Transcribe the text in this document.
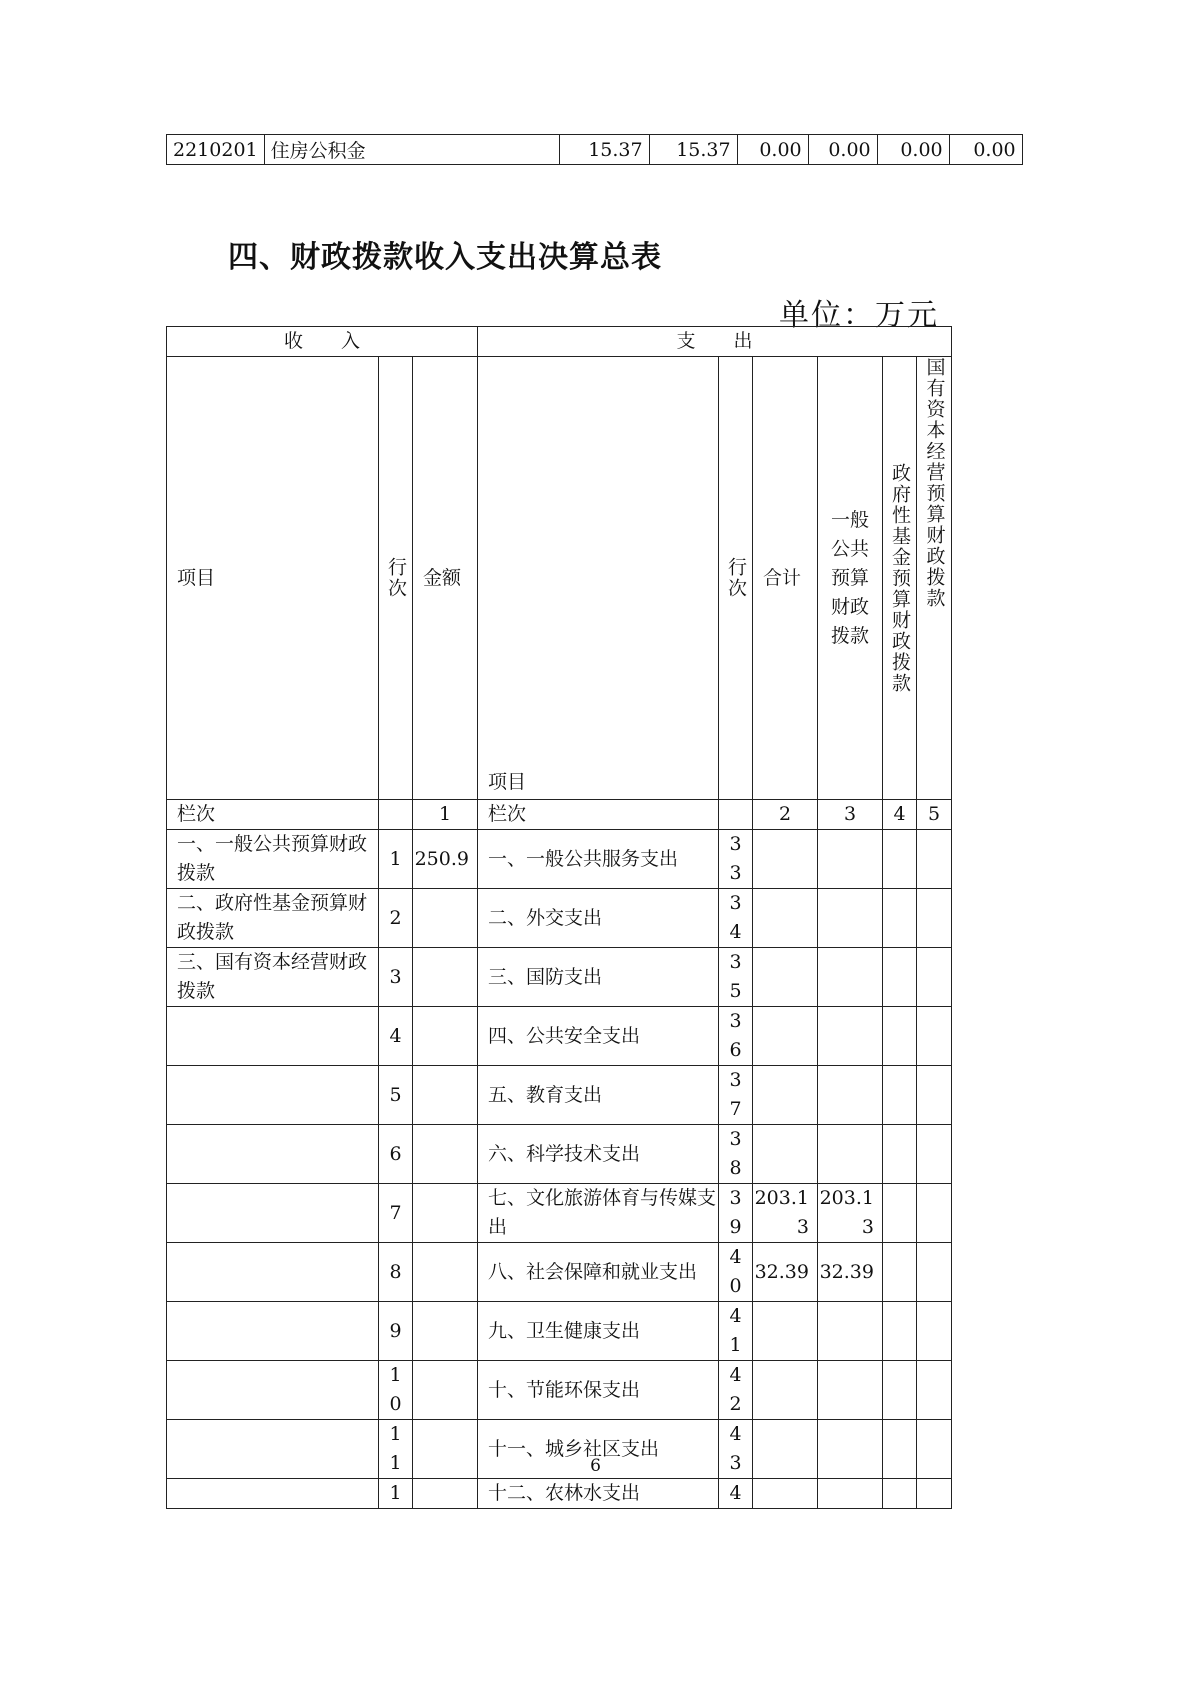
2210201	住房公积金	15.37	15.37	0.00	0.00	0.00	0.00
四、财政拨款收入支出决算总表
单位：万元
收　　入			支　　出					
项目	行次	金额	项目	行次	合计	一般公共预算财政拨款	政府性基金预算财政拨款	国有资本经营预算财政拨款

栏次		1	栏次		2	3	4	5
一、一般公共预算财政拨款	1	250.9	一、一般公共服务支出	33				
二、政府性基金预算财政拨款	2		二、外交支出	34				
三、国有资本经营财政拨款	3		三、国防支出	35				
	4		四、公共安全支出	36				
	5		五、教育支出	37				
	6		六、科学技术支出	38				
	7		七、文化旅游体育与传媒支出	39	203.13	203.13		
	8		八、社会保障和就业支出	40	32.39	32.39		
	9		九、卫生健康支出	41				
	10		十、节能环保支出	42				
	11		十一、城乡社区支出	43				
	1		十二、农林水支出	4				
6
